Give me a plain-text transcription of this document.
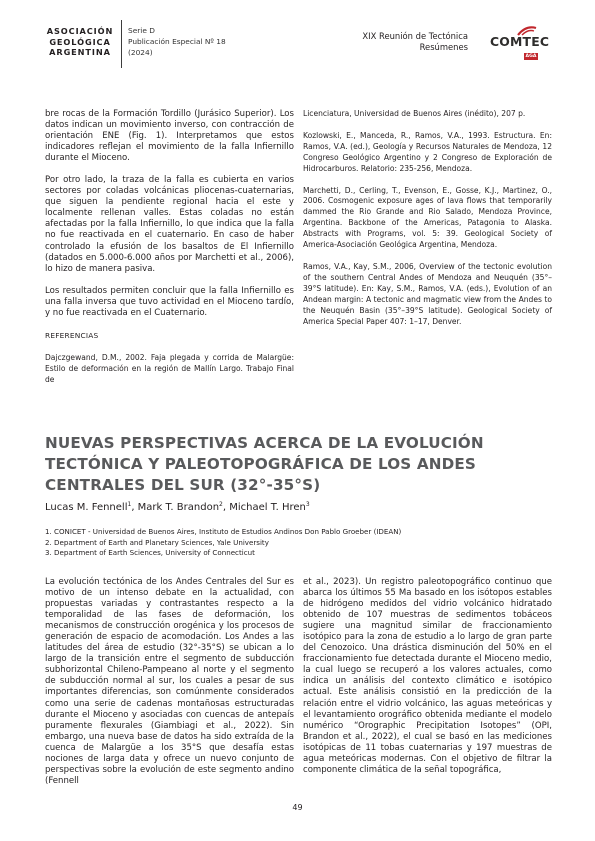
ASOCIACIÓN
GEOLÓGICA
ARGENTINA
Serie D
Publicación Especial Nº 18
(2024)
XIX Reunión de Tectónica
Resúmenes COMTEC
AGA

bre rocas de la Formación Tordillo (Jurásico Superior). Los datos indican un movimiento inverso, con contracción de orientación ENE (Fig. 1). Interpretamos que estos indicadores reflejan el movimiento de la falla Infiernillo durante el Mioceno.

Por otro lado, la traza de la falla es cubierta en varios sectores por coladas volcánicas pliocenas-cuaternarias, que siguen la pendiente regional hacia el este y localmente rellenan valles. Estas coladas no están afectadas por la falla Infiernillo, lo que indica que la falla no fue reactivada en el cuaternario. En caso de haber controlado la efusión de los basaltos de El Infiernillo (datados en 5.000-6.000 años por Marchetti et al., 2006), lo hizo de manera pasiva.

Los resultados permiten concluir que la falla Infiernillo es una falla inversa que tuvo actividad en el Mioceno tardío, y no fue reactivada en el Cuaternario.

REFERENCIAS
Dajczgewand, D.M., 2002. Faja plegada y corrida de Malargüe: Estilo de deformación en la región de Mallín Largo. Trabajo Final de

Licenciatura, Universidad de Buenos Aires (inédito), 207 p.

Kozlowski, E., Manceda, R., Ramos, V.A., 1993. Estructura. En: Ramos, V.A. (ed.), Geología y Recursos Naturales de Mendoza, 12 Congreso Geológico Argentino y 2 Congreso de Exploración de Hidrocarburos. Relatorio: 235-256, Mendoza.

Marchetti, D., Cerling, T., Evenson, E., Gosse, K.J., Martinez, O., 2006. Cosmogenic exposure ages of lava flows that temporarily dammed the Rio Grande and Rio Salado, Mendoza Province, Argentina. Backbone of the Americas, Patagonia to Alaska. Abstracts with Programs, vol. 5: 39. Geological Society of America-Asociación Geológica Argentina, Mendoza.

Ramos, V.A., Kay, S.M., 2006, Overview of the tectonic evolution of the southern Central Andes of Mendoza and Neuquén (35°–39°S latitude). En: Kay, S.M., Ramos, V.A. (eds.), Evolution of an Andean margin: A tectonic and magmatic view from the Andes to the Neuquén Basin (35°–39°S latitude). Geological Society of America Special Paper 407: 1–17, Denver.

NUEVAS PERSPECTIVAS ACERCA DE LA EVOLUCIÓN TECTÓNICA Y PALEOTOPOGRÁFICA DE LOS ANDES CENTRALES DEL SUR (32°-35°S)
Lucas M. Fennell$^1$, Mark T. Brandon$^2$, Michael T. Hren$^3$
1. CONICET - Universidad de Buenos Aires, Instituto de Estudios Andinos Don Pablo Groeber (IDEAN)
2. Department of Earth and Planetary Sciences, Yale University
3. Department of Earth Sciences, University of Connecticut

La evolución tectónica de los Andes Centrales del Sur es motivo de un intenso debate en la actualidad, con propuestas variadas y contrastantes respecto a la temporalidad de las fases de deformación, los mecanismos de construcción orogénica y los procesos de generación de espacio de acomodación. Los Andes a las latitudes del área de estudio (32°-35°S) se ubican a lo largo de la transición entre el segmento de subducción subhorizontal Chileno-Pampeano al norte y el segmento de subducción normal al sur, los cuales a pesar de sus importantes diferencias, son comúnmente considerados como una serie de cadenas montañosas estructuradas durante el Mioceno y asociadas con cuencas de antepaís puramente flexurales (Giambiagi et al., 2022). Sin embargo, una nueva base de datos ha sido extraída de la cuenca de Malargüe a los 35°S que desafía estas nociones de larga data y ofrece un nuevo conjunto de perspectivas sobre la evolución de este segmento andino (Fennell

et al., 2023). Un registro paleotopográfico continuo que abarca los últimos 55 Ma basado en los isótopos estables de hidrógeno medidos del vidrio volcánico hidratado obtenido de 107 muestras de sedimentos tobáceos sugiere una magnitud similar de fraccionamiento isotópico para la zona de estudio a lo largo de gran parte del Cenozoico. Una drástica disminución del 50% en el fraccionamiento fue detectada durante el Mioceno medio, la cual luego se recuperó a los valores actuales, como indica un análisis del contexto climático e isotópico actual. Este análisis consistió en la predicción de la relación entre el vidrio volcánico, las aguas meteóricas y el levantamiento orográfico obtenida mediante el modelo numérico “Orographic Precipitation Isotopes” (OPI, Brandon et al., 2022), el cual se basó en las mediciones isotópicas de 11 tobas cuaternarias y 197 muestras de agua meteóricas modernas. Con el objetivo de filtrar la componente climática de la señal topográfica,

49
